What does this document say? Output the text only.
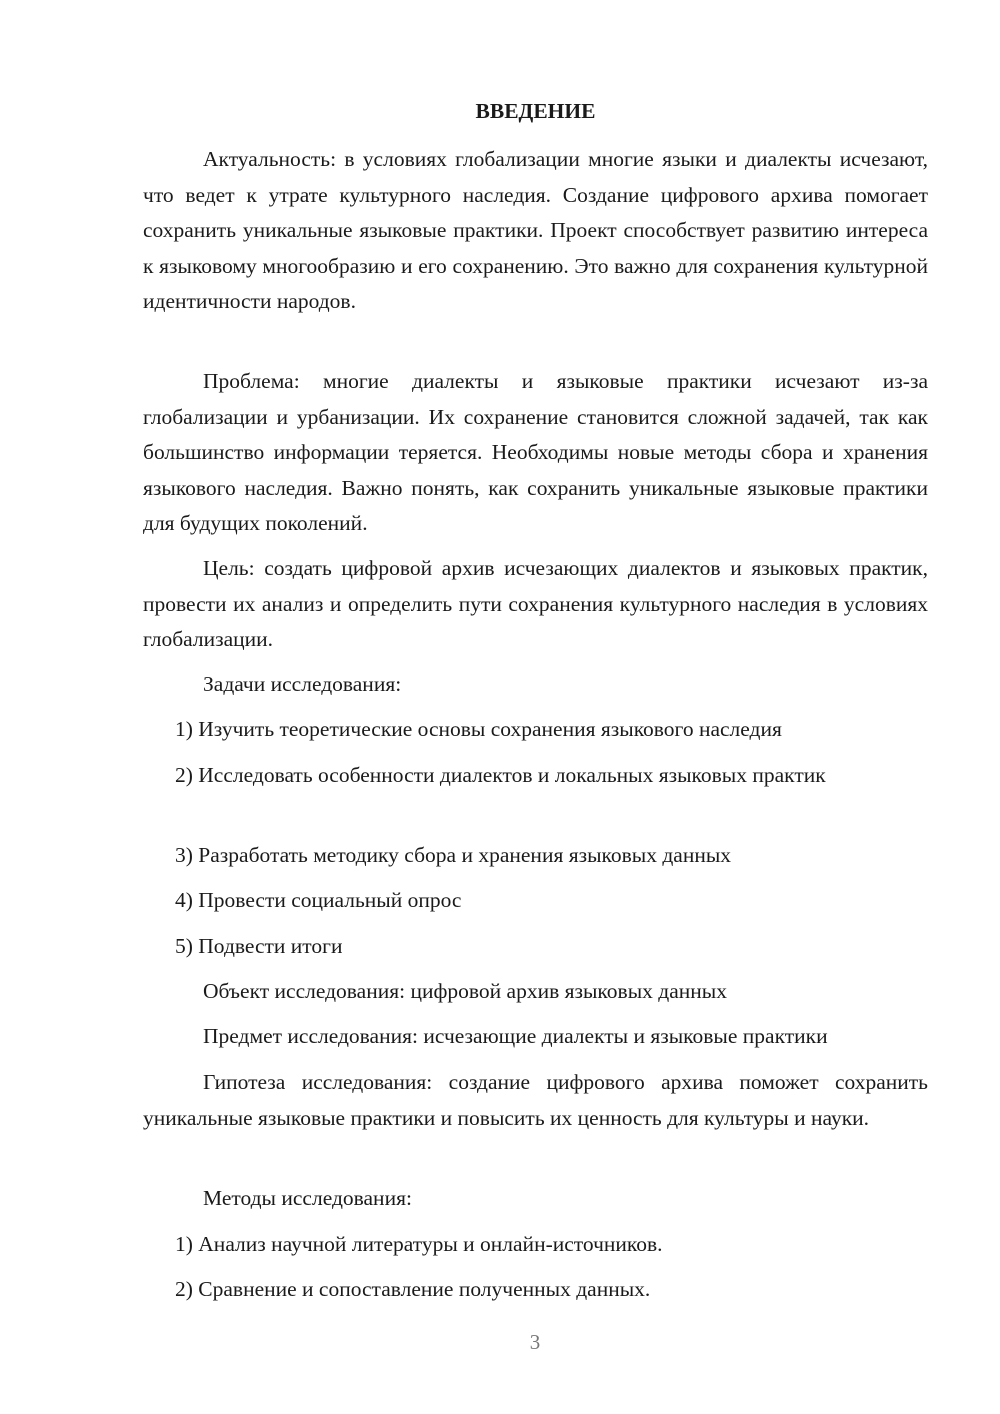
ВВЕДЕНИЕ

Актуальность: в условиях глобализации многие языки и диалекты исчезают, что ведет к утрате культурного наследия. Создание цифрового архива помогает сохранить уникальные языковые практики. Проект способствует развитию интереса к языковому многообразию и его сохранению. Это важно для сохранения культурной идентичности народов.

Проблема: многие диалекты и языковые практики исчезают из-за глобализации и урбанизации. Их сохранение становится сложной задачей, так как большинство информации теряется. Необходимы новые методы сбора и хранения языкового наследия. Важно понять, как сохранить уникальные языковые практики для будущих поколений.

Цель: создать цифровой архив исчезающих диалектов и языковых практик, провести их анализ и определить пути сохранения культурного наследия в условиях глобализации.

Задачи исследования:

1) Изучить теоретические основы сохранения языкового наследия

2) Исследовать особенности диалектов и локальных языковых практик

3) Разработать методику сбора и хранения языковых данных

4) Провести социальный опрос

5) Подвести итоги

Объект исследования: цифровой архив языковых данных

Предмет исследования: исчезающие диалекты и языковые практики

Гипотеза исследования: создание цифрового архива поможет сохранить уникальные языковые практики и повысить их ценность для культуры и науки.

Методы исследования:

1) Анализ научной литературы и онлайн-источников.

2) Сравнение и сопоставление полученных данных.

3
